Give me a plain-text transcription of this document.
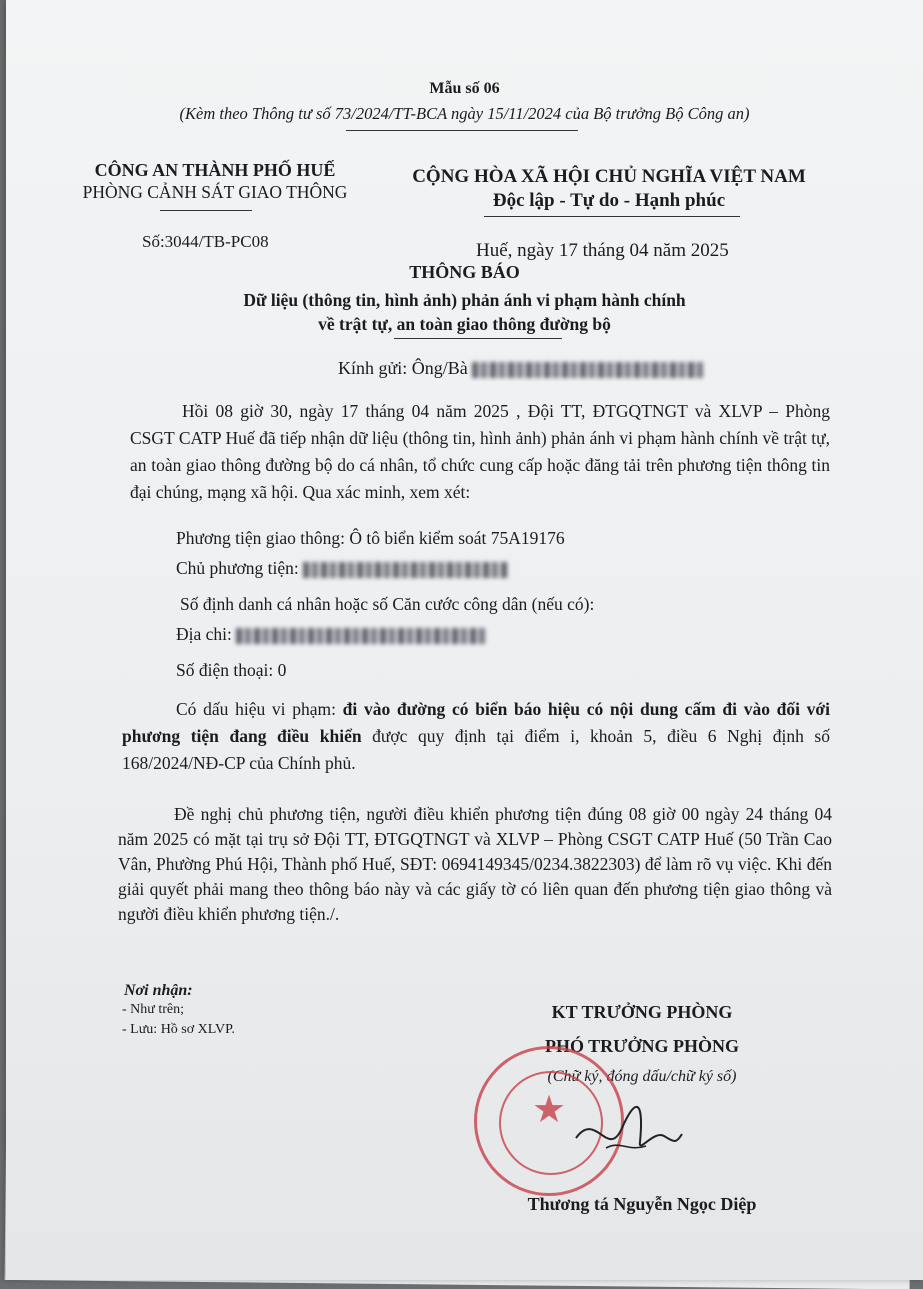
Mẫu số 06
(Kèm theo Thông tư số 73/2024/TT-BCA ngày 15/11/2024 của Bộ trưởng Bộ Công an)
CÔNG AN THÀNH PHỐ HUẾ
PHÒNG CẢNH SÁT GIAO THÔNG
Số:3044/TB-PC08
CỘNG HÒA XÃ HỘI CHỦ NGHĨA VIỆT NAM
Độc lập - Tự do - Hạnh phúc
Huế, ngày 17 tháng 04 năm 2025
THÔNG BÁO
Dữ liệu (thông tin, hình ảnh) phản ánh vi phạm hành chính
về trật tự, an toàn giao thông đường bộ
Kính gửi: Ông/Bà
Hồi 08 giờ 30, ngày 17 tháng 04 năm 2025 , Đội TT, ĐTGQTNGT và XLVP – Phòng CSGT CATP Huế đã tiếp nhận dữ liệu (thông tin, hình ảnh) phản ánh vi phạm hành chính về trật tự, an toàn giao thông đường bộ do cá nhân, tổ chức cung cấp hoặc đăng tải trên phương tiện thông tin đại chúng, mạng xã hội. Qua xác minh, xem xét:
Phương tiện giao thông: Ô tô biển kiểm soát 75A19176
Chủ phương tiện:
Số định danh cá nhân hoặc số Căn cước công dân (nếu có):
Địa chi:
Số điện thoại: 0
Có dấu hiệu vi phạm: đi vào đường có biển báo hiệu có nội dung cấm đi vào đối với phương tiện đang điều khiển được quy định tại điểm i, khoản 5, điều 6 Nghị định số 168/2024/NĐ-CP của Chính phủ.
Đề nghị chủ phương tiện, người điều khiển phương tiện đúng 08 giờ 00 ngày 24 tháng 04 năm 2025 có mặt tại trụ sở Đội TT, ĐTGQTNGT và XLVP – Phòng CSGT CATP Huế (50 Trần Cao Vân, Phường Phú Hội, Thành phố Huế, SĐT: 0694149345/0234.3822303) để làm rõ vụ việc. Khi đến giải quyết phải mang theo thông báo này và các giấy tờ có liên quan đến phương tiện giao thông và người điều khiển phương tiện./.
Nơi nhận:
- Như trên;
- Lưu: Hồ sơ XLVP.
KT TRƯỞNG PHÒNG
PHÓ TRƯỞNG PHÒNG
(Chữ ký, đóng dấu/chữ ký số)
★
Thương tá Nguyễn Ngọc Diệp
